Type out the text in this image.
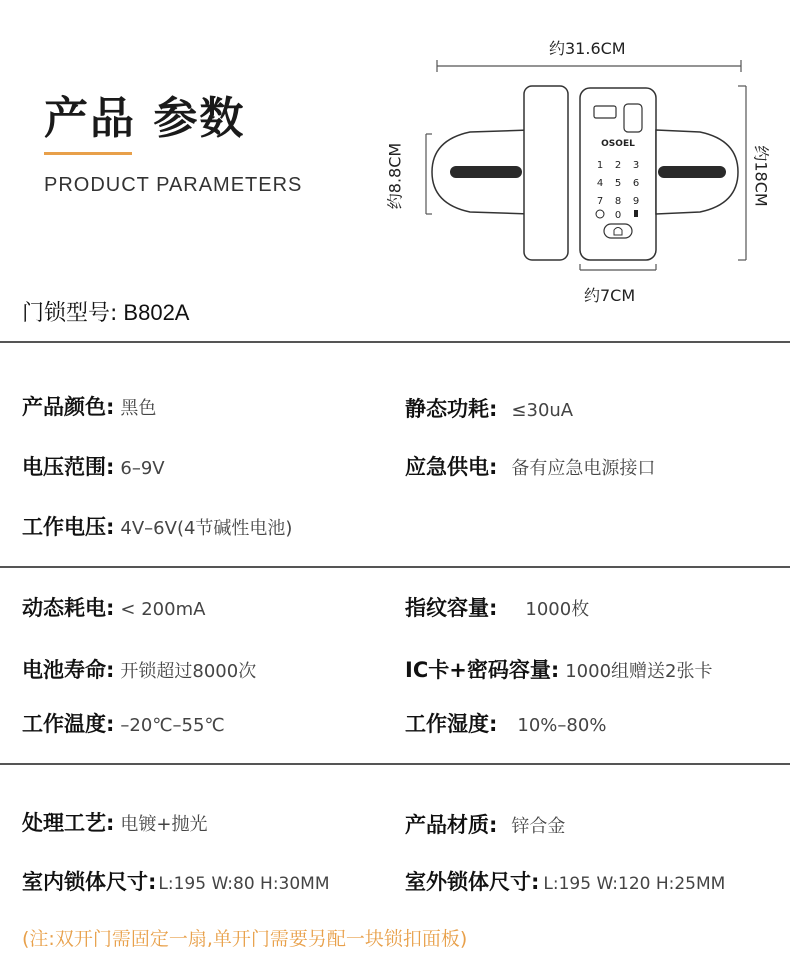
产品 参数
PRODUCT PARAMETERS
OSOEL
1 2 3
4 5 6
7 8 9
0
约31.6CM
约8.8CM	约18CM
约7CM
门锁型号: B802A
产品颜色: 黑色	静态功耗: ≤30uA
电压范围: 6–9V	应急供电: 备有应急电源接口
工作电压: 4V–6V(4节碱性电池)
动态耗电: < 200mA	指纹容量: 1000枚
电池寿命: 开锁超过8000次	IC卡+密码容量: 1000组赠送2张卡
工作温度: –20℃–55℃	工作湿度: 10%–80%
处理工艺: 电镀+抛光	产品材质: 锌合金
室内锁体尺寸: L:195 W:80 H:30MM	室外锁体尺寸: L:195 W:120 H:25MM
(注:双开门需固定一扇,单开门需要另配一块锁扣面板)
